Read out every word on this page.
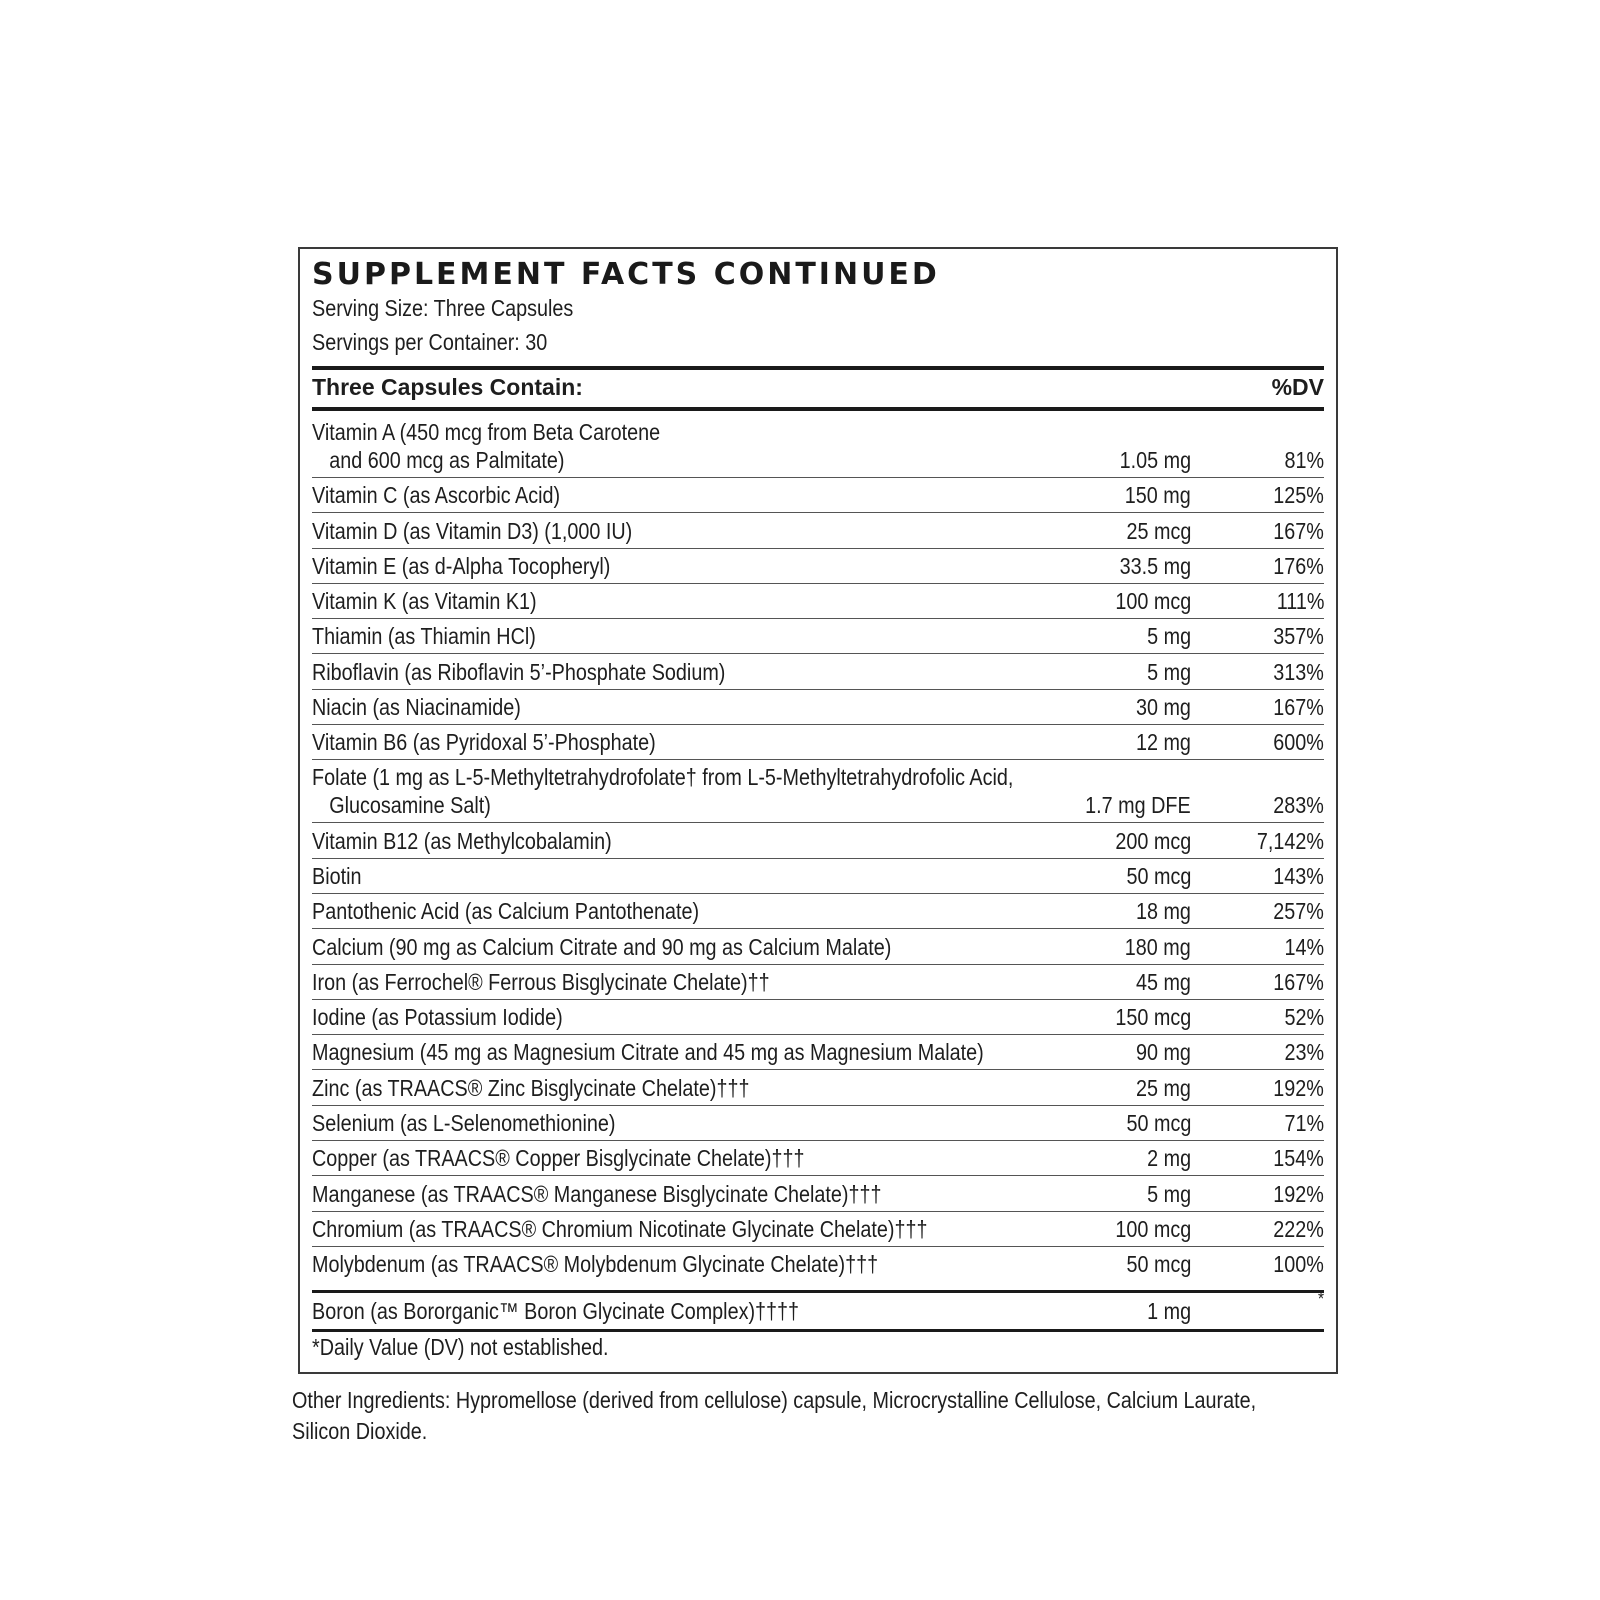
SUPPLEMENT FACTS CONTINUED
Serving Size: Three Capsules
Servings per Container: 30
Three Capsules Contain:	%DV
Vitamin A (450 mcg from Beta Carotene

and 600 mcg as Palmitate)	1.05 mg	81%
Vitamin C (as Ascorbic Acid)	150 mg	125%
Vitamin D (as Vitamin D3) (1,000 IU)	25 mcg	167%
Vitamin E (as d-Alpha Tocopheryl)	33.5 mg	176%
Vitamin K (as Vitamin K1)	100 mcg	111%
Thiamin (as Thiamin HCl)	5 mg	357%
Riboflavin (as Riboflavin 5’-Phosphate Sodium)	5 mg	313%
Niacin (as Niacinamide)	30 mg	167%
Vitamin B6 (as Pyridoxal 5’-Phosphate)	12 mg	600%
Folate (1 mg as L-5-Methyltetrahydrofolate† from L-5-Methyltetrahydrofolic Acid,

Glucosamine Salt)	1.7 mg DFE	283%
Vitamin B12 (as Methylcobalamin)	200 mcg	7,142%
Biotin	50 mcg	143%
Pantothenic Acid (as Calcium Pantothenate)	18 mg	257%
Calcium (90 mg as Calcium Citrate and 90 mg as Calcium Malate)	180 mg	14%
Iron (as Ferrochel® Ferrous Bisglycinate Chelate)††	45 mg	167%
Iodine (as Potassium Iodide)	150 mcg	52%
Magnesium (45 mg as Magnesium Citrate and 45 mg as Magnesium Malate)	90 mg	23%
Zinc (as TRAACS® Zinc Bisglycinate Chelate)†††	25 mg	192%
Selenium (as L-Selenomethionine)	50 mcg	71%
Copper (as TRAACS® Copper Bisglycinate Chelate)†††	2 mg	154%
Manganese (as TRAACS® Manganese Bisglycinate Chelate)†††	5 mg	192%
Chromium (as TRAACS® Chromium Nicotinate Glycinate Chelate)†††	100 mcg	222%
Molybdenum (as TRAACS® Molybdenum Glycinate Chelate)†††	50 mcg	100%
Boron (as Bororganic™ Boron Glycinate Complex)††††	1 mg	*
*Daily Value (DV) not established.
Other Ingredients: Hypromellose (derived from cellulose) capsule, Microcrystalline Cellulose, Calcium Laurate, Silicon Dioxide.
